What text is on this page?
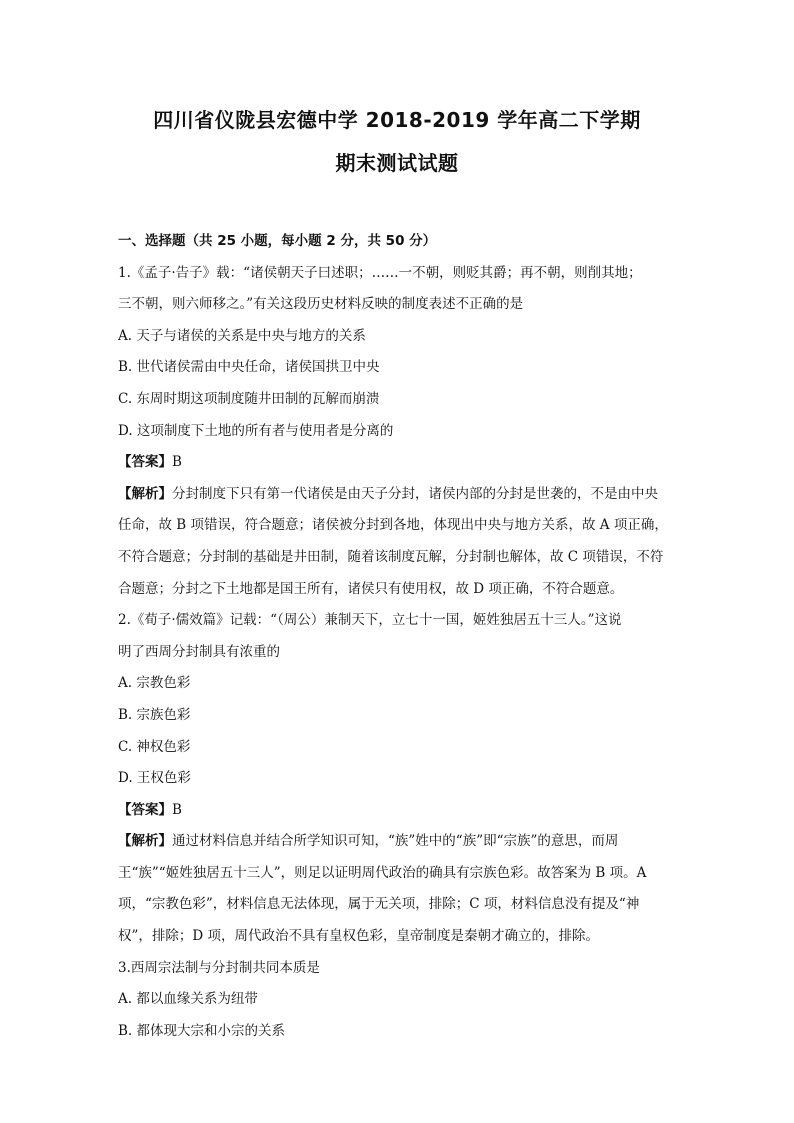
四川省仪陇县宏德中学 2018-2019 学年高二下学期
期末测试试题
一、选择题（共 25 小题，每小题 2 分，共 50 分）
1.《孟子·告子》载：“诸侯朝天子曰述职；……一不朝，则贬其爵；再不朝，则削其地；
三不朝，则六师移之。”有关这段历史材料反映的制度表述不正确的是
A. 天子与诸侯的关系是中央与地方的关系
B. 世代诸侯需由中央任命，诸侯国拱卫中央
C. 东周时期这项制度随井田制的瓦解而崩溃
D. 这项制度下土地的所有者与使用者是分离的
【答案】B
【解析】分封制度下只有第一代诸侯是由天子分封，诸侯内部的分封是世袭的，不是由中央
任命，故 B 项错误，符合题意；诸侯被分封到各地，体现出中央与地方关系，故 A 项正确，
不符合题意；分封制的基础是井田制，随着该制度瓦解，分封制也解体，故 C 项错误，不符
合题意；分封之下土地都是国王所有，诸侯只有使用权，故 D 项正确，不符合题意。
2.《荀子·儒效篇》记载：“（周公）兼制天下，立七十一国，姬姓独居五十三人。”这说
明了西周分封制具有浓重的
A. 宗教色彩
B. 宗族色彩
C. 神权色彩
D. 王权色彩
【答案】B
【解析】通过材料信息并结合所学知识可知，“族”姓中的“族”即“宗族”的意思，而周
王“族”“姬姓独居五十三人”，则足以证明周代政治的确具有宗族色彩。故答案为 B 项。A
项，“宗教色彩”，材料信息无法体现，属于无关项，排除；C 项，材料信息没有提及“神
权”，排除；D 项，周代政治不具有皇权色彩，皇帝制度是秦朝才确立的，排除。
3.西周宗法制与分封制共同本质是
A. 都以血缘关系为纽带
B. 都体现大宗和小宗的关系
